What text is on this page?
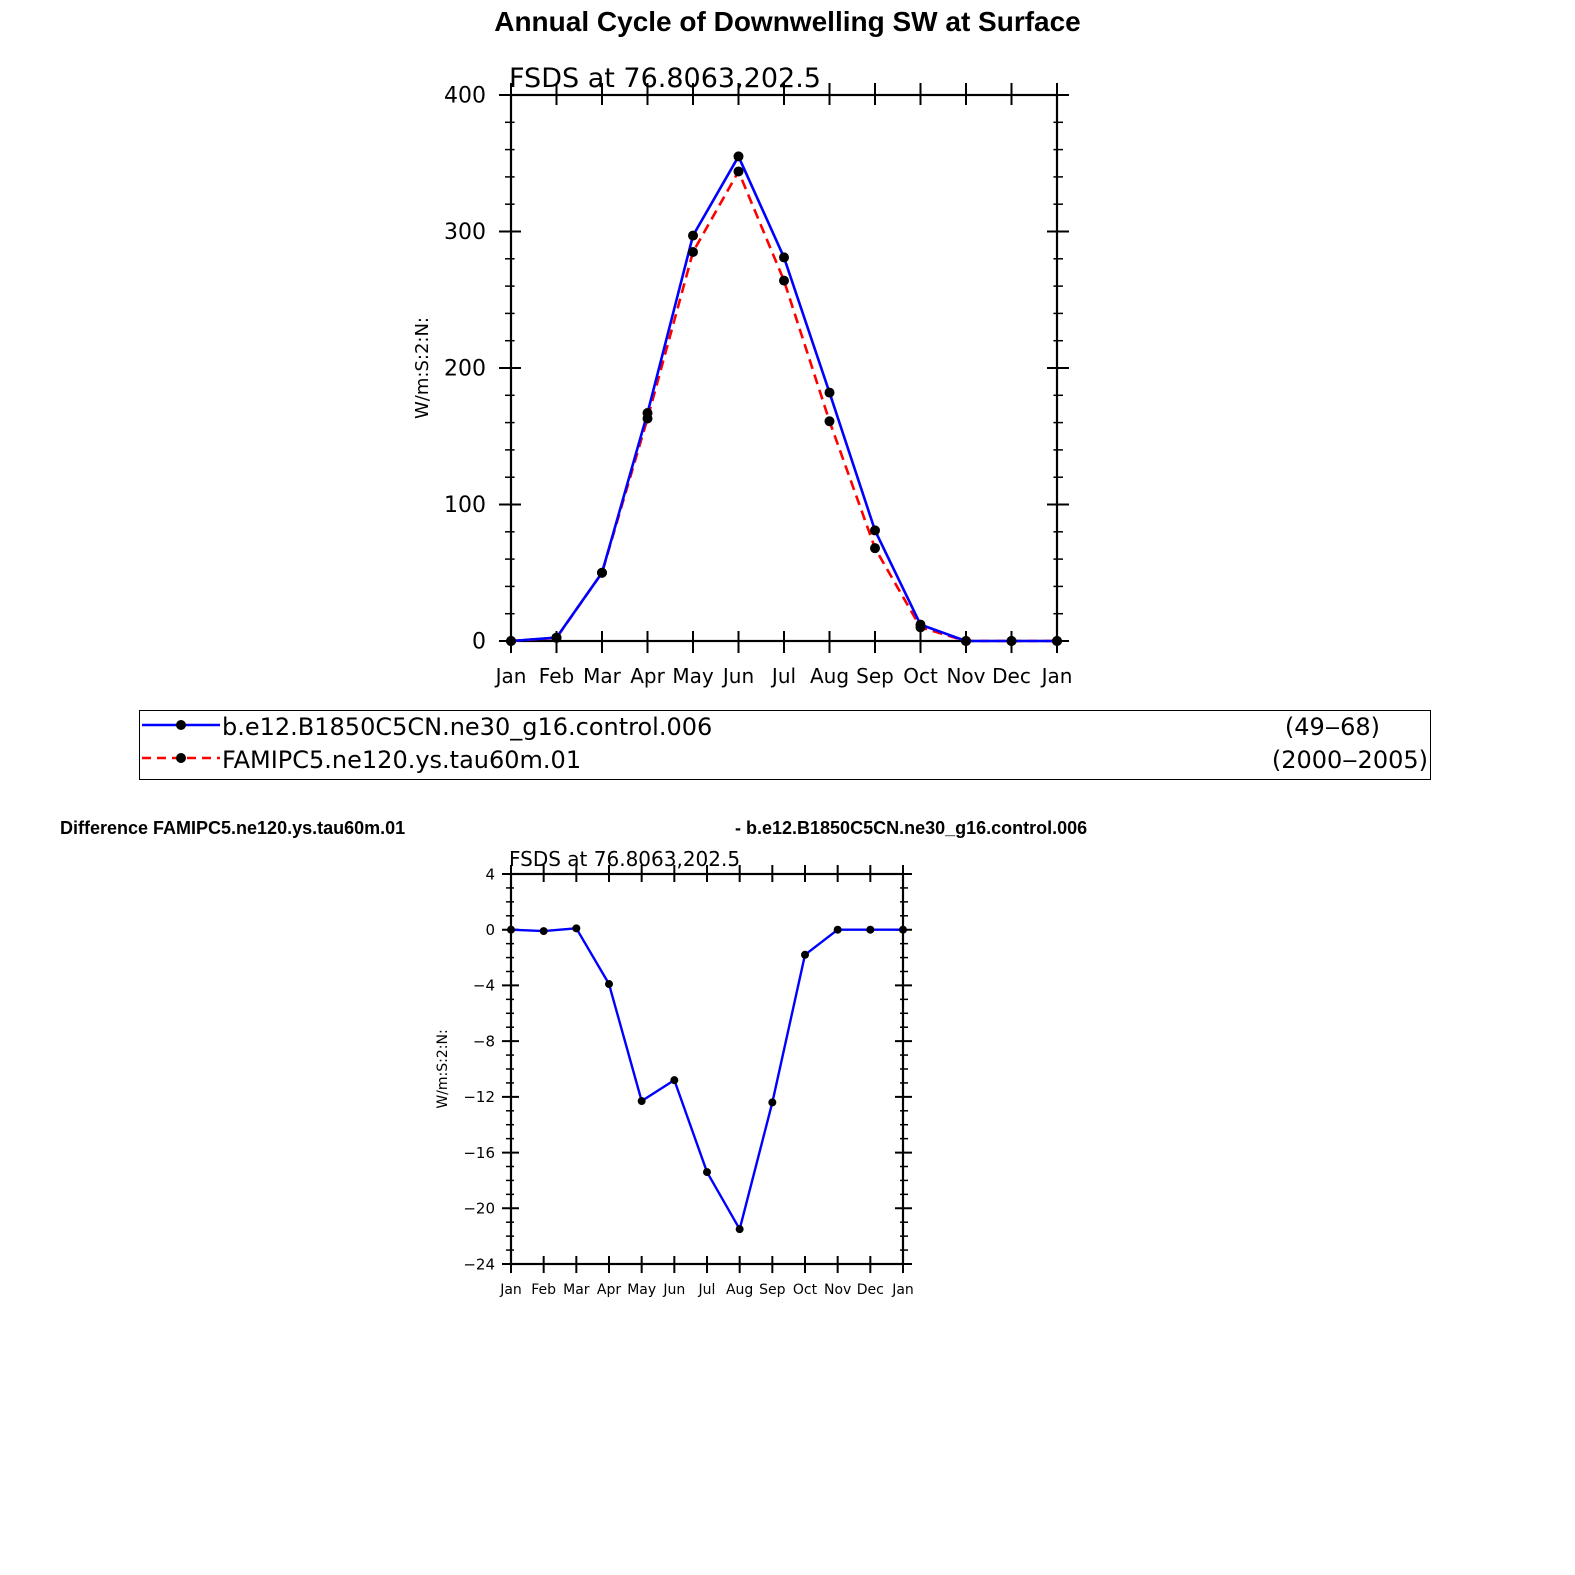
Annual Cycle of Downwelling SW at Surface
FSDS at 76.8063,202.5
W/m:S:2:N:
Jan Feb Mar Apr May Jun Jul Aug Sep Oct Nov Dec Jan
0
100
200
300
400
b.e12.B1850C5CN.ne30_g16.control.006	(49‒68)
FAMIPC5.ne120.ys.tau60m.01	(2000‒2005)
Difference FAMIPC5.ne120.ys.tau60m.01	- b.e12.B1850C5CN.ne30_g16.control.006
FSDS at 76.8063,202.5
W/m:S:2:N:
Jan Feb Mar Apr May Jun Jul Aug Sep Oct Nov Dec Jan
−24
−20
−16
−12
−8
−4
0
4
